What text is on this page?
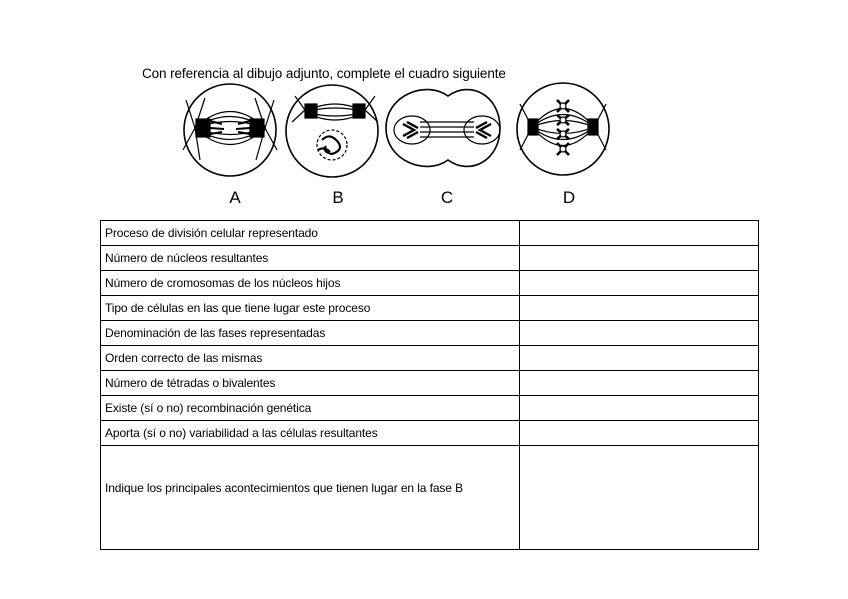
Con referencia al dibujo adjunto, complete el cuadro siguiente
A	B	C	D
Proceso de división celular representado	
Número de núcleos resultantes	
Número de cromosomas de los núcleos hijos	
Tipo de células en las que tiene lugar este proceso	
Denominación de las fases representadas	
Orden correcto de las mismas	
Número de tétradas o bivalentes	
Existe (sí o no) recombinación genética	
Aporta (sí o no) variabilidad a las células resultantes	
Indique los principales acontecimientos que tienen lugar en la fase B	
